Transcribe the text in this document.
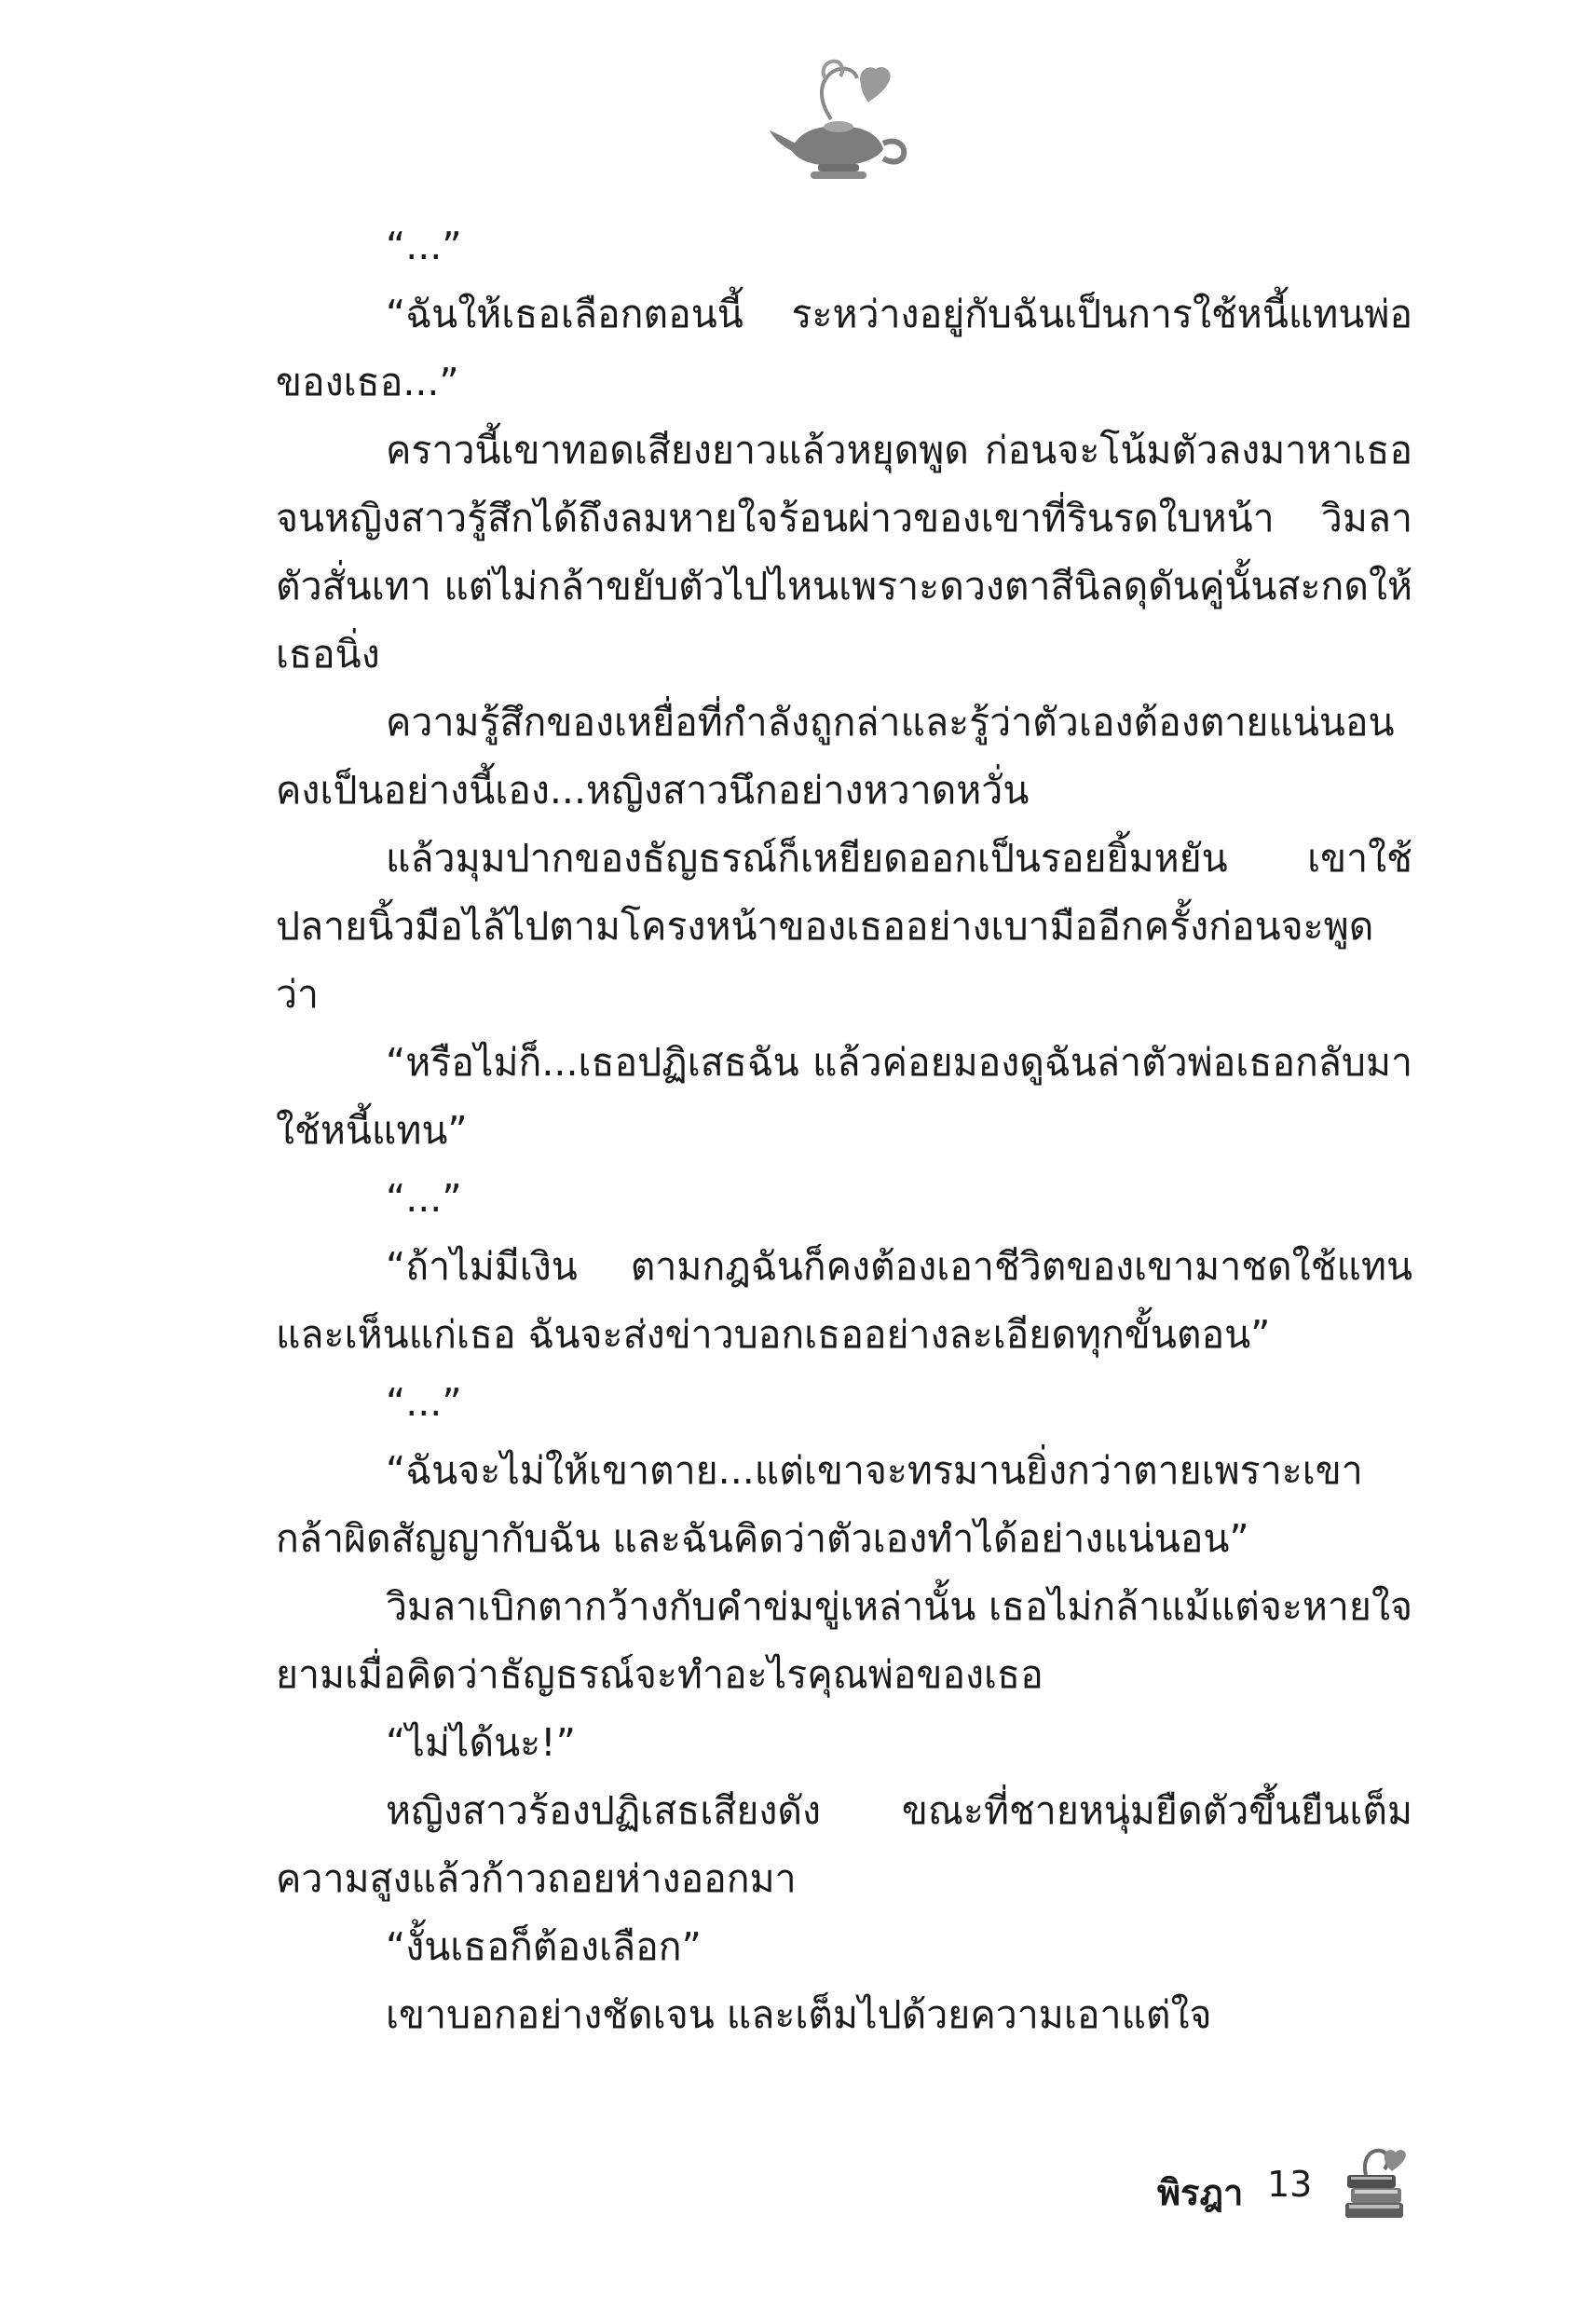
“...”

“ฉันให้เธอเลือกตอนนี้ ระหว่างอยู่กับฉันเป็นการใช้หนี้แทนพ่อของเธอ...”

คราวนี้เขาทอดเสียงยาวแล้วหยุดพูด ก่อนจะโน้มตัวลงมาหาเธอจนหญิงสาวรู้สึกได้ถึงลมหายใจร้อนผ่าวของเขาที่รินรดใบหน้า วิมลาตัวสั่นเทา แต่ไม่กล้าขยับตัวไปไหนเพราะดวงตาสีนิลดุดันคู่นั้นสะกดให้เธอนิ่ง

ความรู้สึกของเหยื่อที่กำลังถูกล่าและรู้ว่าตัวเองต้องตายแน่นอนคงเป็นอย่างนี้เอง...หญิงสาวนึกอย่างหวาดหวั่น

แล้วมุมปากของธัญธรณ์ก็เหยียดออกเป็นรอยยิ้มหยัน เขาใช้ปลายนิ้วมือไล้ไปตามโครงหน้าของเธออย่างเบามืออีกครั้งก่อนจะพูดว่า

“หรือไม่ก็...เธอปฏิเสธฉัน แล้วค่อยมองดูฉันล่าตัวพ่อเธอกลับมาใช้หนี้แทน”

“...”

“ถ้าไม่มีเงิน ตามกฎฉันก็คงต้องเอาชีวิตของเขามาชดใช้แทนและเห็นแก่เธอ ฉันจะส่งข่าวบอกเธออย่างละเอียดทุกขั้นตอน”

“...”

“ฉันจะไม่ให้เขาตาย...แต่เขาจะทรมานยิ่งกว่าตายเพราะเขากล้าผิดสัญญากับฉัน และฉันคิดว่าตัวเองทำได้อย่างแน่นอน”

วิมลาเบิกตากว้างกับคำข่มขู่เหล่านั้น เธอไม่กล้าแม้แต่จะหายใจยามเมื่อคิดว่าธัญธรณ์จะทำอะไรคุณพ่อของเธอ

“ไม่ได้นะ!”

หญิงสาวร้องปฏิเสธเสียงดัง ขณะที่ชายหนุ่มยืดตัวขึ้นยืนเต็มความสูงแล้วก้าวถอยห่างออกมา

“งั้นเธอก็ต้องเลือก”

เขาบอกอย่างชัดเจน และเต็มไปด้วยความเอาแต่ใจ

พิรฎา 13
